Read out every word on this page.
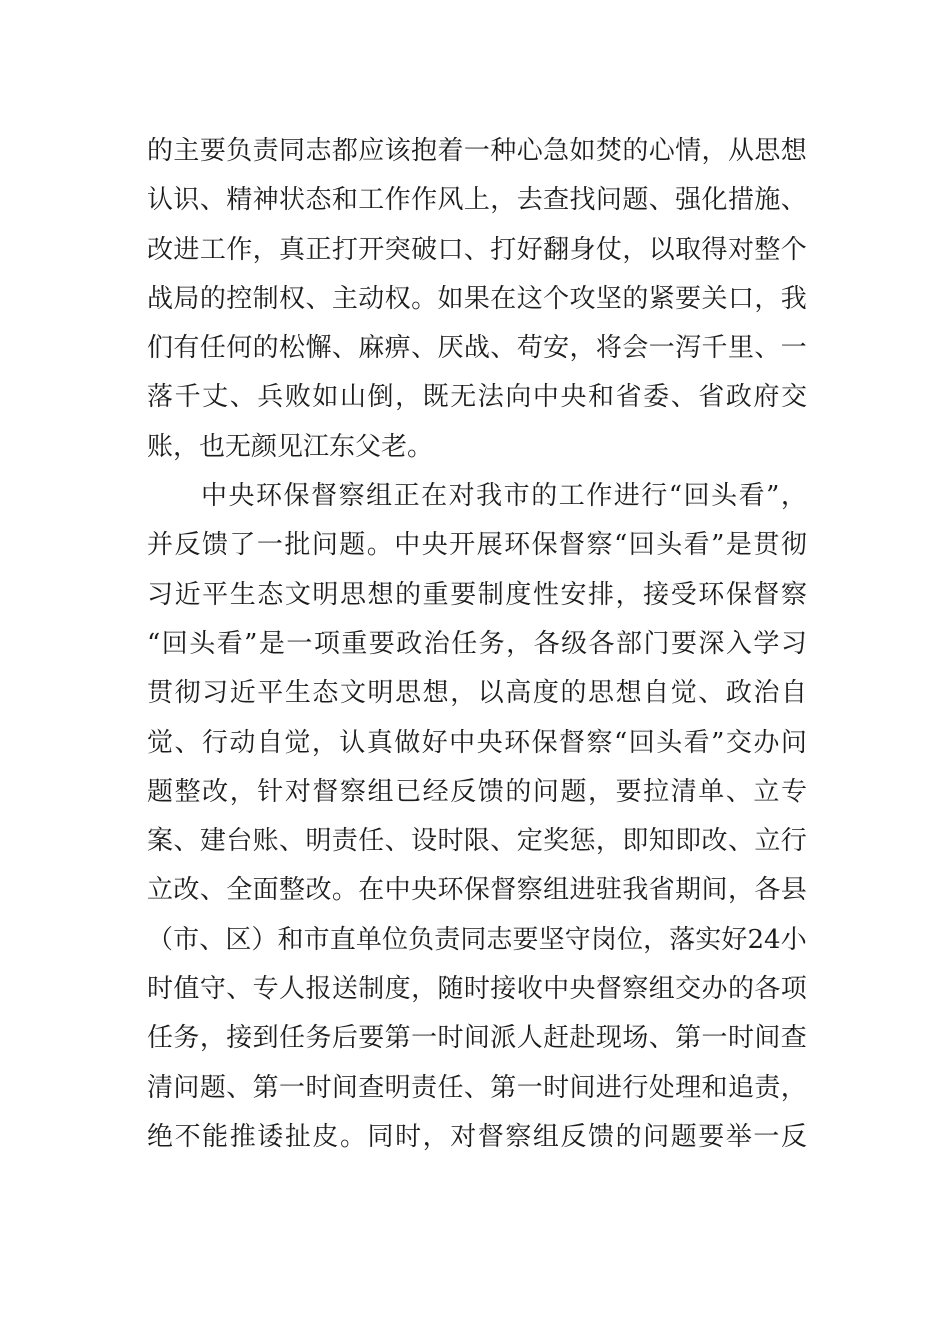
的 主 要 负 责 同 志 都 应 该 抱 着 一 种 心 急 如 焚 的 心 情 ， 从 思 想
认 识 、 精 神 状 态 和 工 作 作 风 上 ， 去 查 找 问 题 、 强 化 措 施 、
改 进 工 作 ， 真 正 打 开 突 破 口 、 打 好 翻 身 仗 ， 以 取 得 对 整 个
战 局 的 控 制 权 、 主 动 权 。 如 果 在 这 个 攻 坚 的 紧 要 关 口 ， 我
们 有 任 何 的 松 懈 、 麻 痹 、 厌 战 、 苟 安 ， 将 会 一 泻 千 里 、 一
落 千 丈 、 兵 败 如 山 倒 ， 既 无 法 向 中 央 和 省 委 、 省 政 府 交
账，也无颜见江东父老。
中 央 环 保 督 察 组 正 在 对 我 市 的 工 作 进 行 “ 回 头 看 ” ，
并 反 馈 了 一 批 问 题 。 中 央 开 展 环 保 督 察 “ 回 头 看 ” 是 贯 彻
习 近 平 生 态 文 明 思 想 的 重 要 制 度 性 安 排 ， 接 受 环 保 督 察
“ 回 头 看 ” 是 一 项 重 要 政 治 任 务 ， 各 级 各 部 门 要 深 入 学 习
贯 彻 习 近 平 生 态 文 明 思 想 ， 以 高 度 的 思 想 自 觉 、 政 治 自
觉 、 行 动 自 觉 ， 认 真 做 好 中 央 环 保 督 察 “ 回 头 看 ” 交 办 问
题 整 改 ， 针 对 督 察 组 已 经 反 馈 的 问 题 ， 要 拉 清 单 、 立 专
案 、 建 台 账 、 明 责 任 、 设 时 限 、 定 奖 惩 ， 即 知 即 改 、 立 行
立 改 、 全 面 整 改 。 在 中 央 环 保 督 察 组 进 驻 我 省 期 间 ， 各 县
（ 市 、 区 ） 和 市 直 单 位 负 责 同 志 要 坚 守 岗 位 ， 落 实 好 24 小
时 值 守 、 专 人 报 送 制 度 ， 随 时 接 收 中 央 督 察 组 交 办 的 各 项
任 务 ， 接 到 任 务 后 要 第 一 时 间 派 人 赶 赴 现 场 、 第 一 时 间 查
清 问 题 、 第 一 时 间 查 明 责 任 、 第 一 时 间 进 行 处 理 和 追 责 ，
绝 不 能 推 诿 扯 皮 。 同 时 ， 对 督 察 组 反 馈 的 问 题 要 举 一 反
